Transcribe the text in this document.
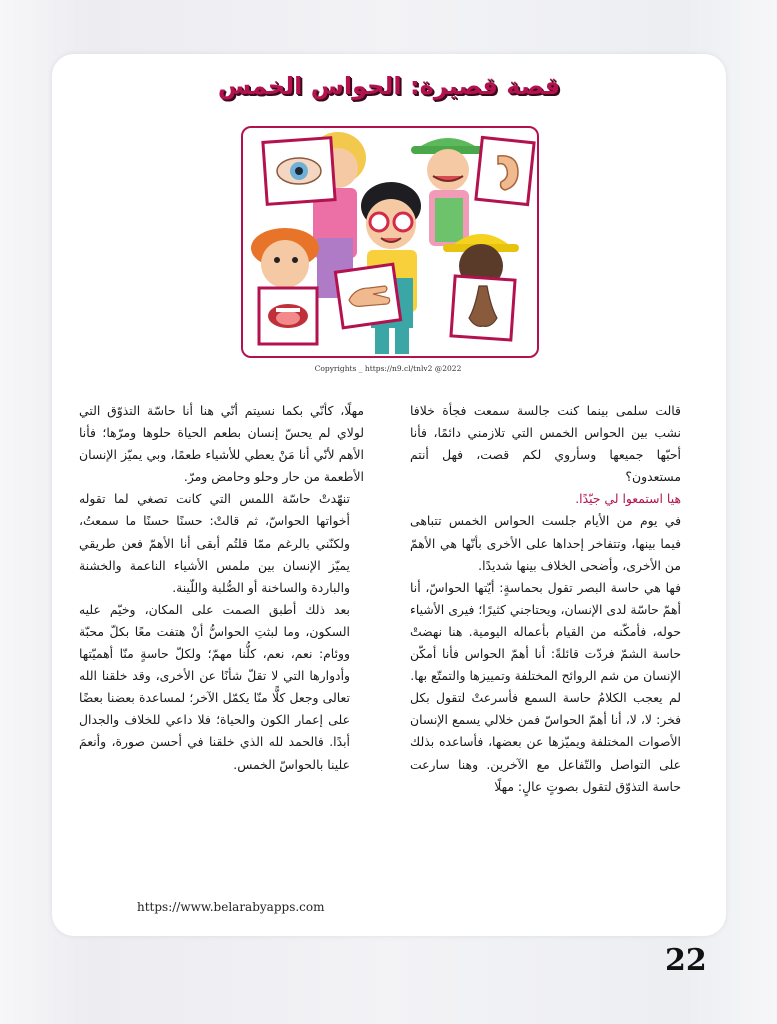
قصة قصيرة: الحواس الخمس
Copyrights _ https://n9.cl/tnlv2 @2022

قالت سلمى بينما كنت جالسة سمعت فجأة خلافا نشب بين الحواس الخمس التي تلازمني دائمًا، فأنا أحبّها جميعها وسأروي لكم قصت، فهل أنتم مستعدون؟

هيا استمعوا لي جيّدًا.

في يوم من الأيام جلست الحواس الخمس تتباهى فيما بينها، وتتفاخر إحداها على الأخرى بأنّها هي الأهمّ من الأخرى، وأضحى الخلاف بينها شديدًا.

فها هي حاسة البصر تقول بحماسةٍ: أيّتها الحواسّ، أنا أهمّ حاسّة لدى الإنسان، ويحتاجني كثيرًا؛ فيرى الأشياء حوله، فأمكّنه من القيام بأعماله اليومية. هنا نهضتْ حاسة الشمّ فردّت قائلةً: أنا أهمّ الحواس فأنا أمكّن الإنسان من شم الروائح المختلفة وتمييزها والتمتّع بها.

لم يعجب الكلامُ حاسة السمع فأسرعتْ لتقول بكل فخر: لا، لا، أنا أهمّ الحواسّ فمن خلالي يسمع الإنسان الأصوات المختلفة ويميّزها عن بعضها، فأساعده بذلك على التواصل والتّفاعل مع الآخرين. وهنا سارعت حاسة التذوّق لتقول بصوتٍ عالٍ: مهلًا

مهلًا، كأنّي بكما نسيتم أنّي هنا أنا حاسّة التذوّق التي لولاي لم يحسّ إنسان بطعم الحياة حلوها ومرّها؛ فأنا الأهم لأنّي أنا مَنْ يعطي للأشياء طعمًا، وبي يميّز الإنسان الأطعمة من حار وحلو وحامض ومرّ.

تنهّدتْ حاسّة اللمس التي كانت تصغي لما تقوله أخواتها الحواسّ، ثم قالتْ: حسنًا حسنًا ما سمعتُ، ولكنّني بالرغم ممّا قلتُم أبقى أنا الأهمّ فعن طريقي يميّز الإنسان بين ملمس الأشياء الناعمة والخشنة والباردة والساخنة أو الصُّلبة واللّينة.

بعد ذلك أطبق الصمت على المكان، وخيّم عليه السكون، وما لبثتِ الحواسُّ أنْ هتفت معًا بكلّ محبّة ووئام: نعم، نعم، كلُّنا مهمّ؛ ولكلّ حاسةٍ منّا أهميّتها وأدوارها التي لا تقلّ شأنًا عن الأخرى، وقد خلقنا الله تعالى وجعل كلًّا منّا يكمّل الآخر؛ لمساعدة بعضنا بعضًا على إعمار الكون والحياة؛ فلا داعي للخلاف والجدال أبدًا. فالحمد لله الذي خلقنا في أحسن صورة، وأنعمَ علينا بالحواسّ الخمس.

https://www.belarabyapps.com
22
